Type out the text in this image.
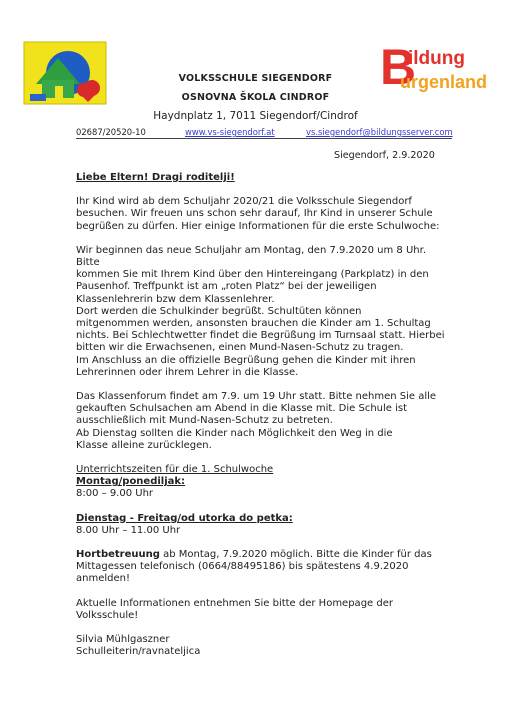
B
ildung
urgenland
VOLKSSCHULE SIEGENDORF
OSNOVNA ŠKOLA CINDROF
Haydnplatz 1, 7011 Siegendorf/Cindrof
02687/20520-10	www.vs-siegendorf.at	vs.siegendorf@bildungsserver.com
Siegendorf, 2.9.2020

Liebe Eltern! Dragi roditelji!

Ihr Kind wird ab dem Schuljahr 2020/21 die Volksschule Siegendorf
besuchen. Wir freuen uns schon sehr darauf, Ihr Kind in unserer Schule
begrüßen zu dürfen. Hier einige Informationen für die erste Schulwoche:

Wir beginnen das neue Schuljahr am Montag, den 7.9.2020 um 8 Uhr. Bitte
kommen Sie mit Ihrem Kind über den Hintereingang (Parkplatz) in den
Pausenhof. Treffpunkt ist am „roten Platz“ bei der jeweiligen
Klassenlehrerin bzw dem Klassenlehrer.
Dort werden die Schulkinder begrüßt. Schultüten können
mitgenommen werden, ansonsten brauchen die Kinder am 1. Schultag
nichts. Bei Schlechtwetter findet die Begrüßung im Turnsaal statt. Hierbei
bitten wir die Erwachsenen, einen Mund-Nasen-Schutz zu tragen.
Im Anschluss an die offizielle Begrüßung gehen die Kinder mit ihren
Lehrerinnen oder ihrem Lehrer in die Klasse.

Das Klassenforum findet am 7.9. um 19 Uhr statt. Bitte nehmen Sie alle
gekauften Schulsachen am Abend in die Klasse mit. Die Schule ist
ausschließlich mit Mund-Nasen-Schutz zu betreten.
Ab Dienstag sollten die Kinder nach Möglichkeit den Weg in die
Klasse alleine zurücklegen.

Unterrichtszeiten für die 1. Schulwoche
Montag/ponediljak:
8:00 – 9.00 Uhr

Dienstag - Freitag/od utorka do petka:
8.00 Uhr – 11.00 Uhr

Hortbetreuung ab Montag, 7.9.2020 möglich. Bitte die Kinder für das
Mittagessen telefonisch (0664/88495186) bis spätestens 4.9.2020 anmelden!

Aktuelle Informationen entnehmen Sie bitte der Homepage der
Volksschule!

Silvia Mühlgaszner
Schulleiterin/ravnateljica
